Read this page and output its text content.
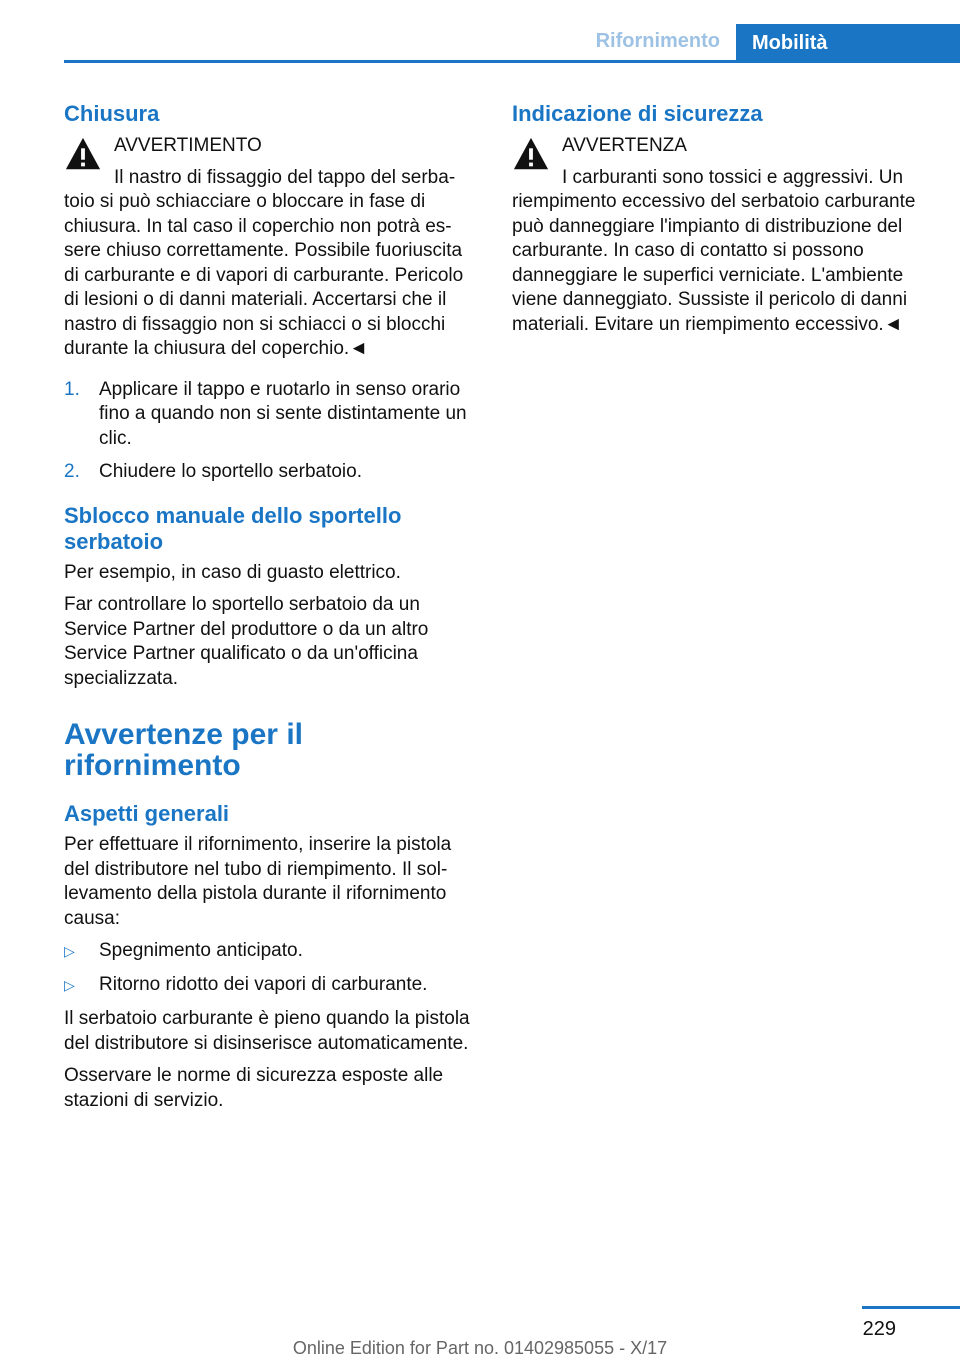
Rifornimento	Mobilità
Chiusura
AVVERTIMENTO
Il nastro di fissaggio del tappo del serbatoio si può schiacciare o bloccare in fase di chiusura. In tal caso il coperchio non potrà essere chiuso correttamente. Possibile fuoriuscita di carburante e di vapori di carburante. Pericolo di lesioni o di danni materiali. Accertarsi che il nastro di fissaggio non si schiacci o si blocchi durante la chiusura del coperchio.◄
1. Applicare il tappo e ruotarlo in senso orario fino a quando non si sente distintamente un clic.
2. Chiudere lo sportello serbatoio.
Sblocco manuale dello sportello serbatoio

Per esempio, in caso di guasto elettrico.

Far controllare lo sportello serbatoio da un Service Partner del produttore o da un altro Service Partner qualificato o da un'officina specializzata.

Avvertenze per il rifornimento
Aspetti generali

Per effettuare il rifornimento, inserire la pistola del distributore nel tubo di riempimento. Il sollevamento della pistola durante il rifornimento causa:

▷ Spegnimento anticipato.
▷ Ritorno ridotto dei vapori di carburante.

Il serbatoio carburante è pieno quando la pistola del distributore si disinserisce automaticamente.

Osservare le norme di sicurezza esposte alle stazioni di servizio.

Indicazione di sicurezza
AVVERTENZA
I carburanti sono tossici e aggressivi. Un riempimento eccessivo del serbatoio carburante può danneggiare l'impianto di distribuzione del carburante. In caso di contatto si possono danneggiare le superfici verniciate. L'ambiente viene danneggiato. Sussiste il pericolo di danni materiali. Evitare un riempimento eccessivo.◄
229
Online Edition for Part no. 01402985055 - X/17
